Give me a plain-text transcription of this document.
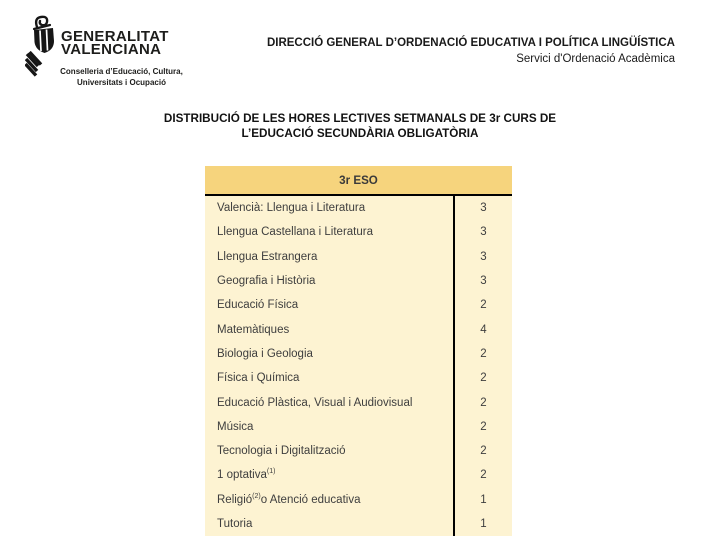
GENERALITAT
VALENCIANA
Conselleria d’Educació, Cultura,
Universitats i Ocupació
DIRECCIÓ GENERAL D’ORDENACIÓ EDUCATIVA I POLÍTICA LINGÜÍSTICA
Servici d'Ordenació Acadèmica
DISTRIBUCIÓ DE LES HORES LECTIVES SETMANALS DE 3r CURS DE
L’EDUCACIÓ SECUNDÀRIA OBLIGATÒRIA
3r ESO
Valencià: Llengua i Literatura	3
Llengua Castellana i Literatura	3
Llengua Estrangera	3
Geografia i Història	3
Educació Física	2
Matemàtiques	4
Biologia i Geologia	2
Física i Química	2
Educació Plàstica, Visual i Audiovisual	2
Música	2
Tecnologia i Digitalització	2
1 optativa$^{(1)}$	2
Religió$^{(2)}$ o Atenció educativa	1
Tutoria	1
